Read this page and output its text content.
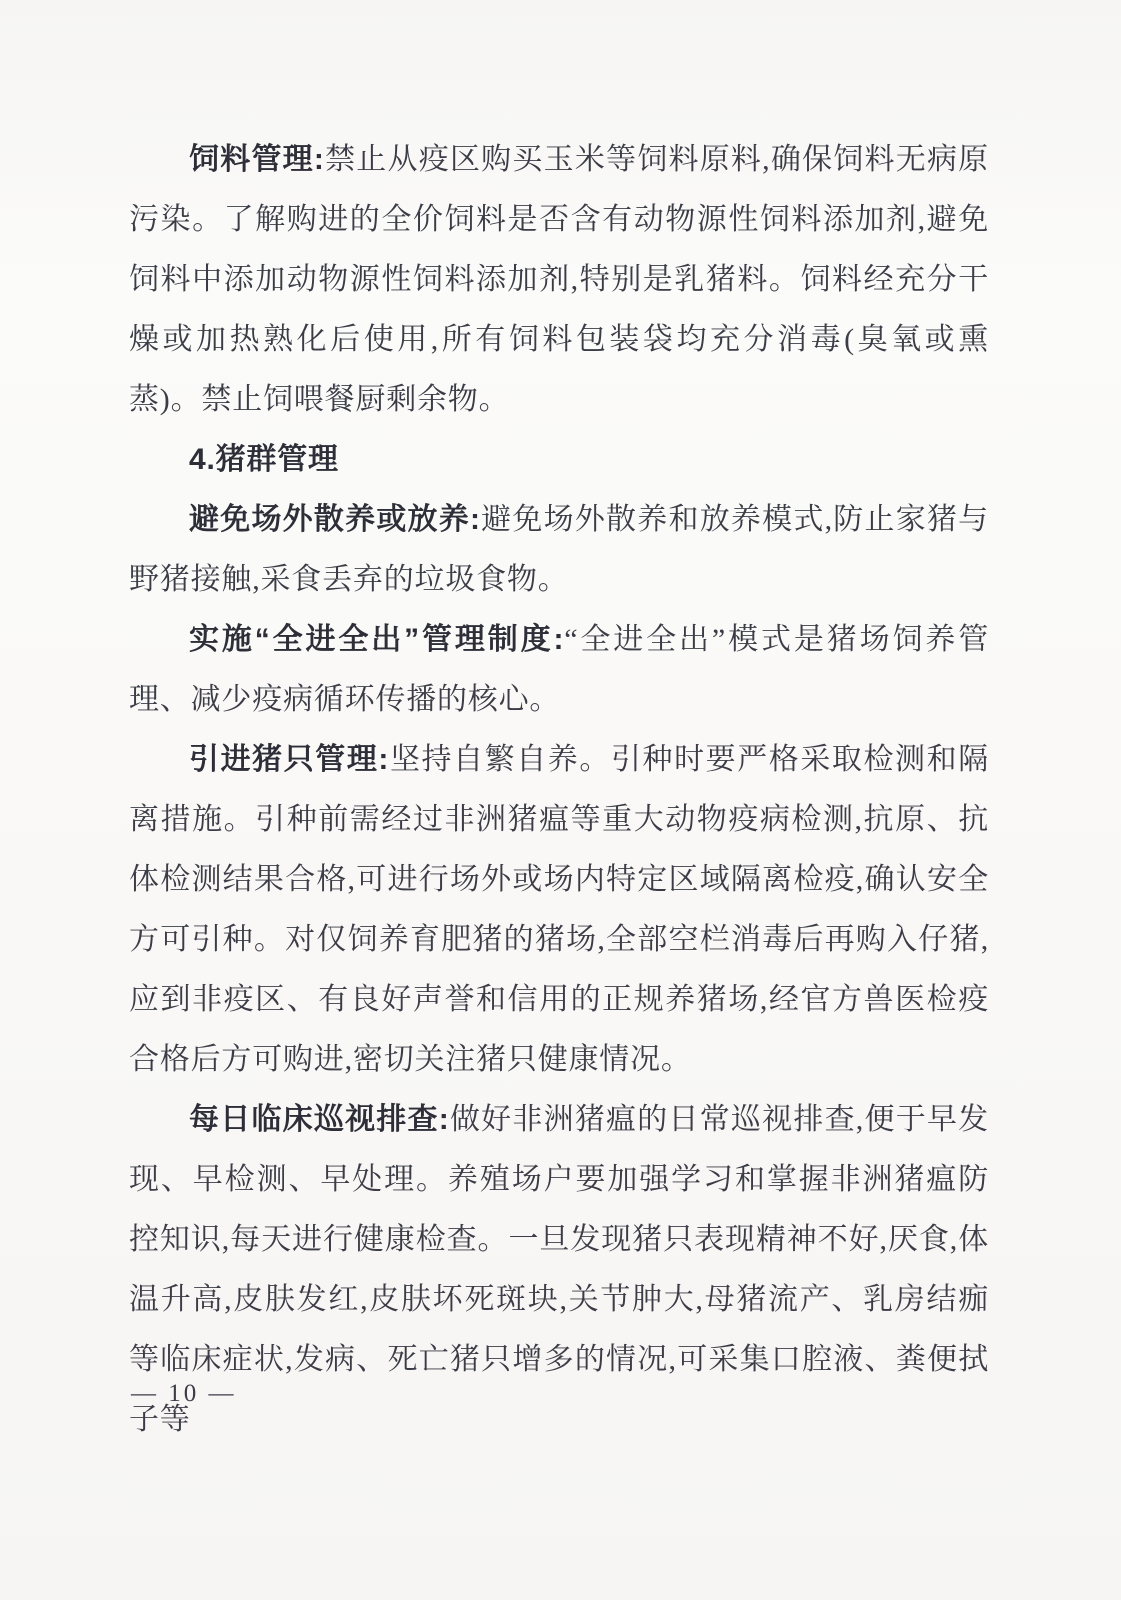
饲料管理:禁止从疫区购买玉米等饲料原料,确保饲料无病原污染。了解购进的全价饲料是否含有动物源性饲料添加剂,避免饲料中添加动物源性饲料添加剂,特别是乳猪料。饲料经充分干燥或加热熟化后使用,所有饲料包装袋均充分消毒(臭氧或熏蒸)。禁止饲喂餐厨剩余物。

4.猪群管理

避免场外散养或放养:避免场外散养和放养模式,防止家猪与野猪接触,采食丢弃的垃圾食物。

实施“全进全出”管理制度:“全进全出”模式是猪场饲养管理、减少疫病循环传播的核心。

引进猪只管理:坚持自繁自养。引种时要严格采取检测和隔离措施。引种前需经过非洲猪瘟等重大动物疫病检测,抗原、抗体检测结果合格,可进行场外或场内特定区域隔离检疫,确认安全方可引种。对仅饲养育肥猪的猪场,全部空栏消毒后再购入仔猪,应到非疫区、有良好声誉和信用的正规养猪场,经官方兽医检疫合格后方可购进,密切关注猪只健康情况。

每日临床巡视排查:做好非洲猪瘟的日常巡视排查,便于早发现、早检测、早处理。养殖场户要加强学习和掌握非洲猪瘟防控知识,每天进行健康检查。一旦发现猪只表现精神不好,厌食,体温升高,皮肤发红,皮肤坏死斑块,关节肿大,母猪流产、乳房结痂等临床症状,发病、死亡猪只增多的情况,可采集口腔液、粪便拭子等

— 10 —
